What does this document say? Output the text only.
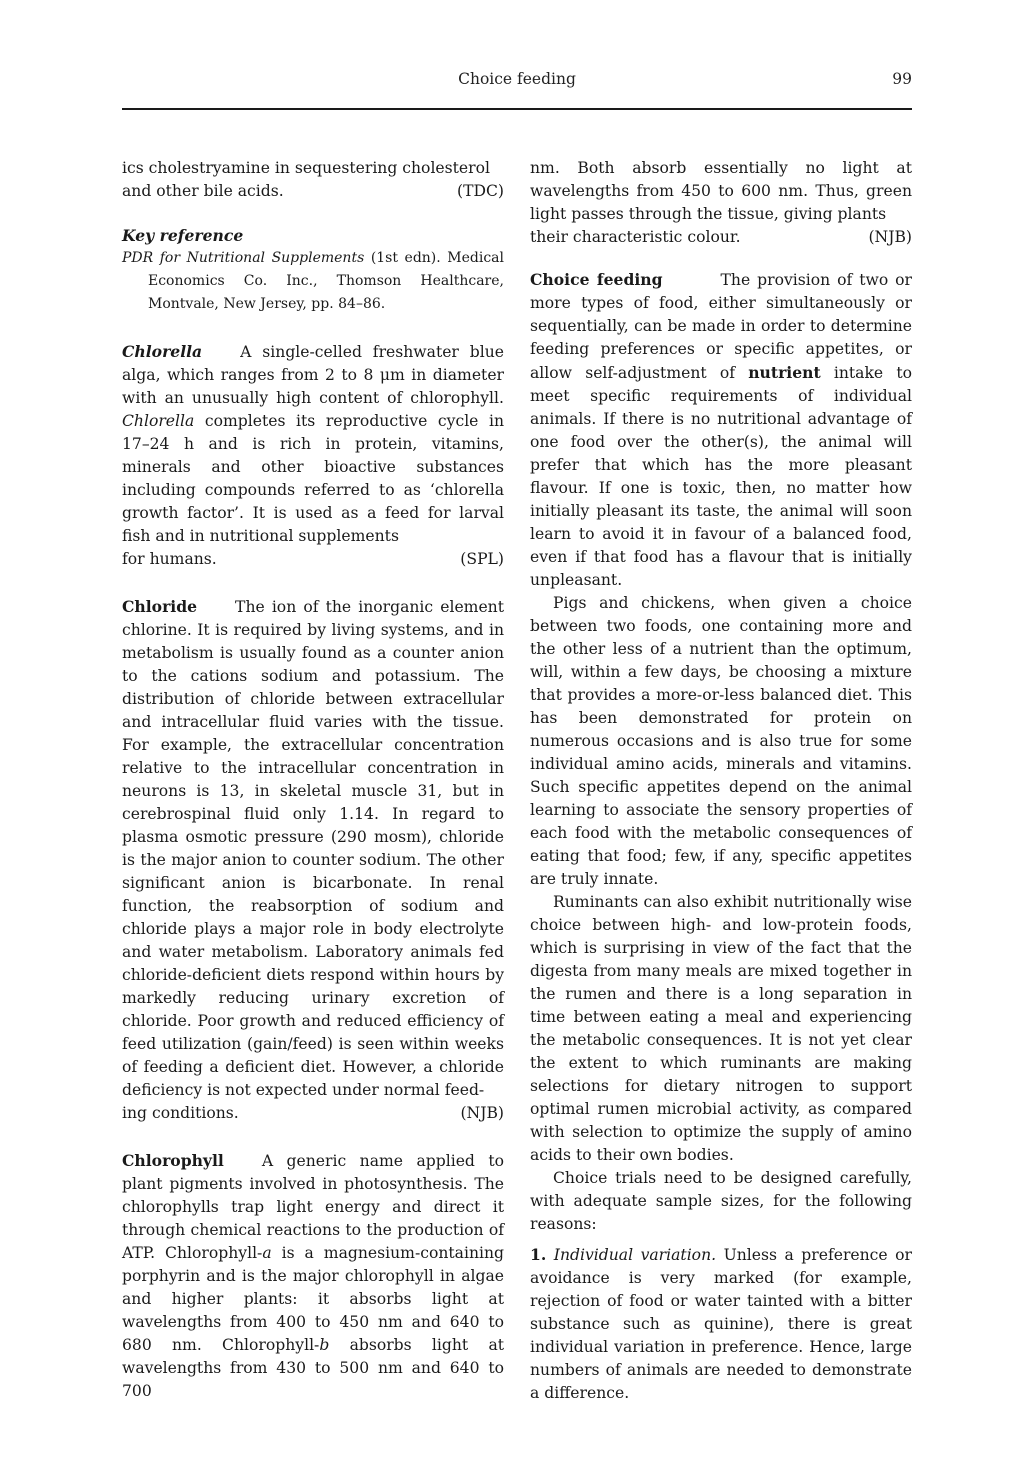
Choice feeding	99

ics cholestryamine in sequestering cholesterol

and other bile acids.	(TDC)
Key reference

PDR for Nutritional Supplements (1st edn). Medical Economics Co. Inc., Thomson Healthcare, Montvale, New Jersey, pp. 84–86.

Chlorella A single-celled freshwater blue alga, which ranges from 2 to 8 μm in diameter with an unusually high content of chlorophyll. Chlorella completes its reproductive cycle in 17–24 h and is rich in protein, vitamins, minerals and other bioactive substances including compounds referred to as ‘chlorella growth factor’. It is used as a feed for larval fish and in nutritional supplements

for humans.	(SPL)

Chloride The ion of the inorganic element chlorine. It is required by living systems, and in metabolism is usually found as a counter anion to the cations sodium and potassium. The distribution of chloride between extracellular and intracellular fluid varies with the tissue. For example, the extracellular concentration relative to the intracellular concentration in neurons is 13, in skeletal muscle 31, but in cerebrospinal fluid only 1.14. In regard to plasma osmotic pressure (290 mosm), chloride is the major anion to counter sodium. The other significant anion is bicarbonate. In renal function, the reabsorption of sodium and chloride plays a major role in body electrolyte and water metabolism. Laboratory animals fed chloride-deficient diets respond within hours by markedly reducing urinary excretion of chloride. Poor growth and reduced efficiency of feed utilization (gain/feed) is seen within weeks of feeding a deficient diet. However, a chloride deficiency is not expected under normal feed-

ing conditions.	(NJB)

Chlorophyll A generic name applied to plant pigments involved in photosynthesis. The chlorophylls trap light energy and direct it through chemical reactions to the production of ATP. Chlorophyll-a is a magnesium-containing porphyrin and is the major chlorophyll in algae and higher plants: it absorbs light at wavelengths from 400 to 450 nm and 640 to 680 nm. Chlorophyll-b absorbs light at wavelengths from 430 to 500 nm and 640 to 700

nm. Both absorb essentially no light at wavelengths from 450 to 600 nm. Thus, green light passes through the tissue, giving plants

their characteristic colour.	(NJB)

Choice feeding	The provision of two or more types of food, either simultaneously or sequentially, can be made in order to determine feeding preferences or specific appetites, or allow self-adjustment of nutrient intake to meet specific requirements of individual animals. If there is no nutritional advantage of one food over the other(s), the animal will prefer that which has the more pleasant flavour. If one is toxic, then, no matter how initially pleasant its taste, the animal will soon learn to avoid it in favour of a balanced food, even if that food has a flavour that is initially unpleasant.

Pigs and chickens, when given a choice between two foods, one containing more and the other less of a nutrient than the optimum, will, within a few days, be choosing a mixture that provides a more-or-less balanced diet. This has been demonstrated for protein on numerous occasions and is also true for some individual amino acids, minerals and vitamins. Such specific appetites depend on the animal learning to associate the sensory properties of each food with the metabolic consequences of eating that food; few, if any, specific appetites are truly innate.

Ruminants can also exhibit nutritionally wise choice between high- and low-protein foods, which is surprising in view of the fact that the digesta from many meals are mixed together in the rumen and there is a long separation in time between eating a meal and experiencing the metabolic consequences. It is not yet clear the extent to which ruminants are making selections for dietary nitrogen to support optimal rumen microbial activity, as compared with selection to optimize the supply of amino acids to their own bodies.

Choice trials need to be designed carefully, with adequate sample sizes, for the following reasons:

1. Individual variation. Unless a preference or avoidance is very marked (for example, rejection of food or water tainted with a bitter substance such as quinine), there is great individual variation in preference. Hence, large numbers of animals are needed to demonstrate a difference.
